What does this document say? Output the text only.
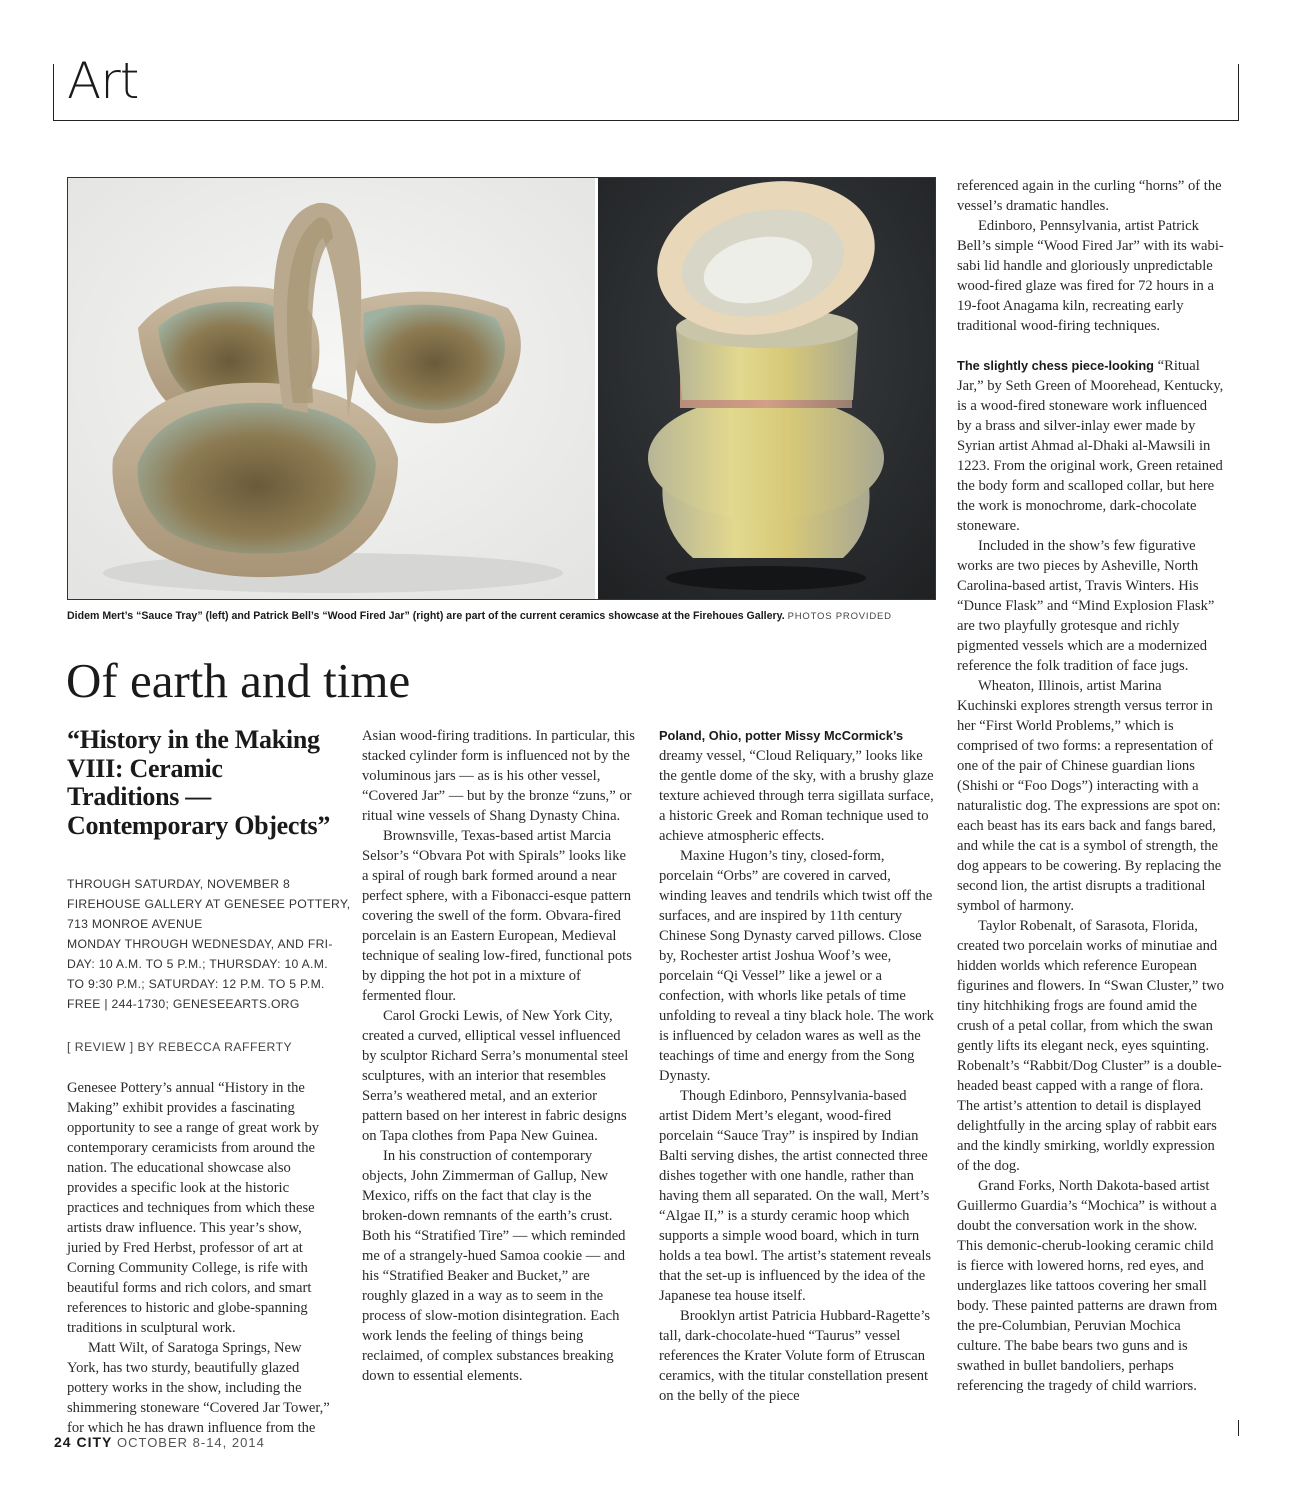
Art
Didem Mert’s “Sauce Tray” (left) and Patrick Bell’s “Wood Fired Jar” (right) are part of the current ceramics showcase at the Firehoues Gallery. PHOTOS PROVIDED
Of earth and time
“History in the Making VIII: Ceramic Traditions — Contemporary Objects”
THROUGH SATURDAY, NOVEMBER 8
FIREHOUSE GALLERY AT GENESEE POTTERY,
713 MONROE AVENUE
MONDAY THROUGH WEDNESDAY, AND FRI-
DAY: 10 A.M. TO 5 P.M.; THURSDAY: 10 A.M.
TO 9:30 P.M.; SATURDAY: 12 P.M. TO 5 P.M.
FREE | 244-1730; GENESEEARTS.ORG
[ REVIEW ] BY REBECCA RAFFERTY

Genesee Pottery’s annual “History in the Making” exhibit provides a fascinating opportunity to see a range of great work by contemporary ceramicists from around the nation. The educational showcase also provides a specific look at the historic practices and techniques from which these artists draw influence. This year’s show, juried by Fred Herbst, professor of art at Corning Community College, is rife with beautiful forms and rich colors, and smart references to historic and globe-spanning traditions in sculptural work.

Matt Wilt, of Saratoga Springs, New York, has two sturdy, beautifully glazed pottery works in the show, including the shimmering stoneware “Covered Jar Tower,” for which he has drawn influence from the

Asian wood-firing traditions. In particular, this stacked cylinder form is influenced not by the voluminous jars — as is his other vessel, “Covered Jar” — but by the bronze “zuns,” or ritual wine vessels of Shang Dynasty China.

Brownsville, Texas-based artist Marcia Selsor’s “Obvara Pot with Spirals” looks like a spiral of rough bark formed around a near perfect sphere, with a Fibonacci-esque pattern covering the swell of the form. Obvara-fired porcelain is an Eastern European, Medieval technique of sealing low-fired, functional pots by dipping the hot pot in a mixture of fermented flour.

Carol Grocki Lewis, of New York City, created a curved, elliptical vessel influenced by sculptor Richard Serra’s monumental steel sculptures, with an interior that resembles Serra’s weathered metal, and an exterior pattern based on her interest in fabric designs on Tapa clothes from Papa New Guinea.

In his construction of contemporary objects, John Zimmerman of Gallup, New Mexico, riffs on the fact that clay is the broken-down remnants of the earth’s crust. Both his “Stratified Tire” — which reminded me of a strangely-hued Samoa cookie — and his “Stratified Beaker and Bucket,” are roughly glazed in a way as to seem in the process of slow-motion disintegration. Each work lends the feeling of things being reclaimed, of complex substances breaking down to essential elements.

Poland, Ohio, potter Missy McCormick’s dreamy vessel, “Cloud Reliquary,” looks like the gentle dome of the sky, with a brushy glaze texture achieved through terra sigillata surface, a historic Greek and Roman technique used to achieve atmospheric effects.

Maxine Hugon’s tiny, closed-form, porcelain “Orbs” are covered in carved, winding leaves and tendrils which twist off the surfaces, and are inspired by 11th century Chinese Song Dynasty carved pillows. Close by, Rochester artist Joshua Woof’s wee, porcelain “Qi Vessel” like a jewel or a confection, with whorls like petals of time unfolding to reveal a tiny black hole. The work is influenced by celadon wares as well as the teachings of time and energy from the Song Dynasty.

Though Edinboro, Pennsylvania-based artist Didem Mert’s elegant, wood-fired porcelain “Sauce Tray” is inspired by Indian Balti serving dishes, the artist connected three dishes together with one handle, rather than having them all separated. On the wall, Mert’s “Algae II,” is a sturdy ceramic hoop which supports a simple wood board, which in turn holds a tea bowl. The artist’s statement reveals that the set-up is influenced by the idea of the Japanese tea house itself.

Brooklyn artist Patricia Hubbard-Ragette’s tall, dark-chocolate-hued “Taurus” vessel references the Krater Volute form of Etruscan ceramics, with the titular constellation present on the belly of the piece

referenced again in the curling “horns” of the vessel’s dramatic handles.

Edinboro, Pennsylvania, artist Patrick Bell’s simple “Wood Fired Jar” with its wabi-sabi lid handle and gloriously unpredictable wood-fired glaze was fired for 72 hours in a 19-foot Anagama kiln, recreating early traditional wood-firing techniques.

The slightly chess piece-looking “Ritual Jar,” by Seth Green of Moorehead, Kentucky, is a wood-fired stoneware work influenced by a brass and silver-inlay ewer made by Syrian artist Ahmad al-Dhaki al-Mawsili in 1223. From the original work, Green retained the body form and scalloped collar, but here the work is monochrome, dark-chocolate stoneware.

Included in the show’s few figurative works are two pieces by Asheville, North Carolina-based artist, Travis Winters. His “Dunce Flask” and “Mind Explosion Flask” are two playfully grotesque and richly pigmented vessels which are a modernized reference the folk tradition of face jugs.

Wheaton, Illinois, artist Marina Kuchinski explores strength versus terror in her “First World Problems,” which is comprised of two forms: a representation of one of the pair of Chinese guardian lions (Shishi or “Foo Dogs”) interacting with a naturalistic dog. The expressions are spot on: each beast has its ears back and fangs bared, and while the cat is a symbol of strength, the dog appears to be cowering. By replacing the second lion, the artist disrupts a traditional symbol of harmony.

Taylor Robenalt, of Sarasota, Florida, created two porcelain works of minutiae and hidden worlds which reference European figurines and flowers. In “Swan Cluster,” two tiny hitchhiking frogs are found amid the crush of a petal collar, from which the swan gently lifts its elegant neck, eyes squinting. Robenalt’s “Rabbit/Dog Cluster” is a double-headed beast capped with a range of flora. The artist’s attention to detail is displayed delightfully in the arcing splay of rabbit ears and the kindly smirking, worldly expression of the dog.

Grand Forks, North Dakota-based artist Guillermo Guardia’s “Mochica” is without a doubt the conversation work in the show. This demonic-cherub-looking ceramic child is fierce with lowered horns, red eyes, and underglazes like tattoos covering her small body. These painted patterns are drawn from the pre-Columbian, Peruvian Mochica culture. The babe bears two guns and is swathed in bullet bandoliers, perhaps referencing the tragedy of child warriors.

24 CITY OCTOBER 8-14, 2014
